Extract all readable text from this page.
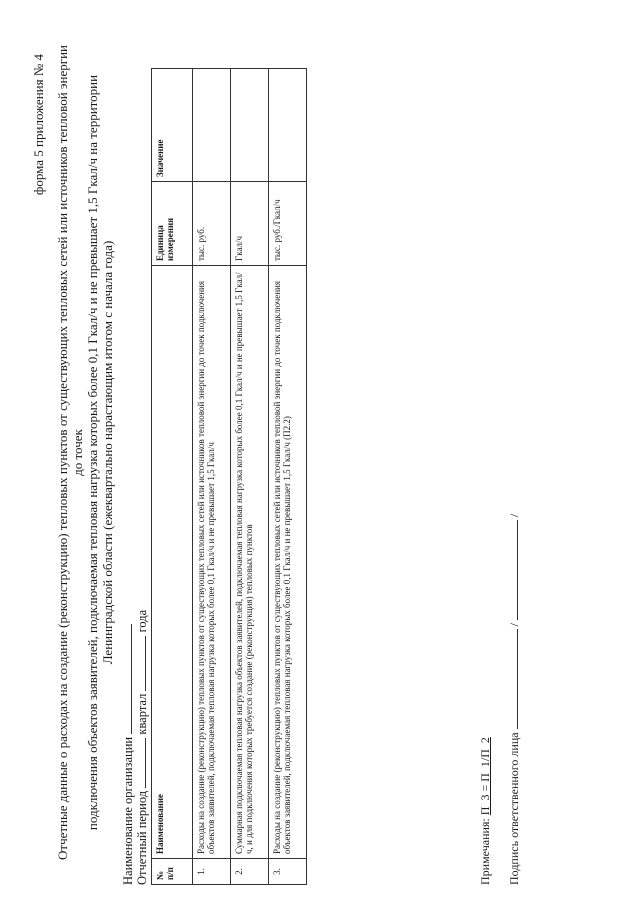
форма 5 приложения № 4 Отчетные данные о расходах на создание (реконструкцию) тепловых пунктов от существующих тепловых сетей или источников тепловой энергии до точек подключения объектов заявителей, подключаемая тепловая нагрузка которых более 0,1 Гкал/ч и не превышает 1,5 Гкал/ч на территории Ленинградской области (ежеквартально нарастающим итогом с начала года)
Наименование организации Отчетный период  квартал  года
№ п/п	Наименование	Единица измерения	Значение
1.	Расходы на создание (реконструкцию) тепловых пунктов от существующих тепловых сетей или источников тепловой энергии до точек подключения объектов заявителей, подключаемая тепловая нагрузка которых более 0,1 Гкал/ч и не превышает 1,5 Гкал/ч	тыс. руб.	
2.	Суммарная подключаемая тепловая нагрузка объектов заявителей, подключаемая тепловая нагрузка которых более 0,1 Гкал/ч и не превышает 1,5 Гкал/ч, и для подключения которых требуется создание (реконструкция) тепловых пунктов	Гкал/ч	
3.	Расходы на создание (реконструкцию) тепловых пунктов от существующих тепловых сетей или источников тепловой энергии до точек подключения объектов заявителей, подключаемая тепловая нагрузка которых более 0,1 Гкал/ч и не превышает 1,5 Гкал/ч (П2.2)	тыс. руб./Гкал/ч	
Примечания: П_3 = П_1/П_2 Подпись ответственного лица  /  /
